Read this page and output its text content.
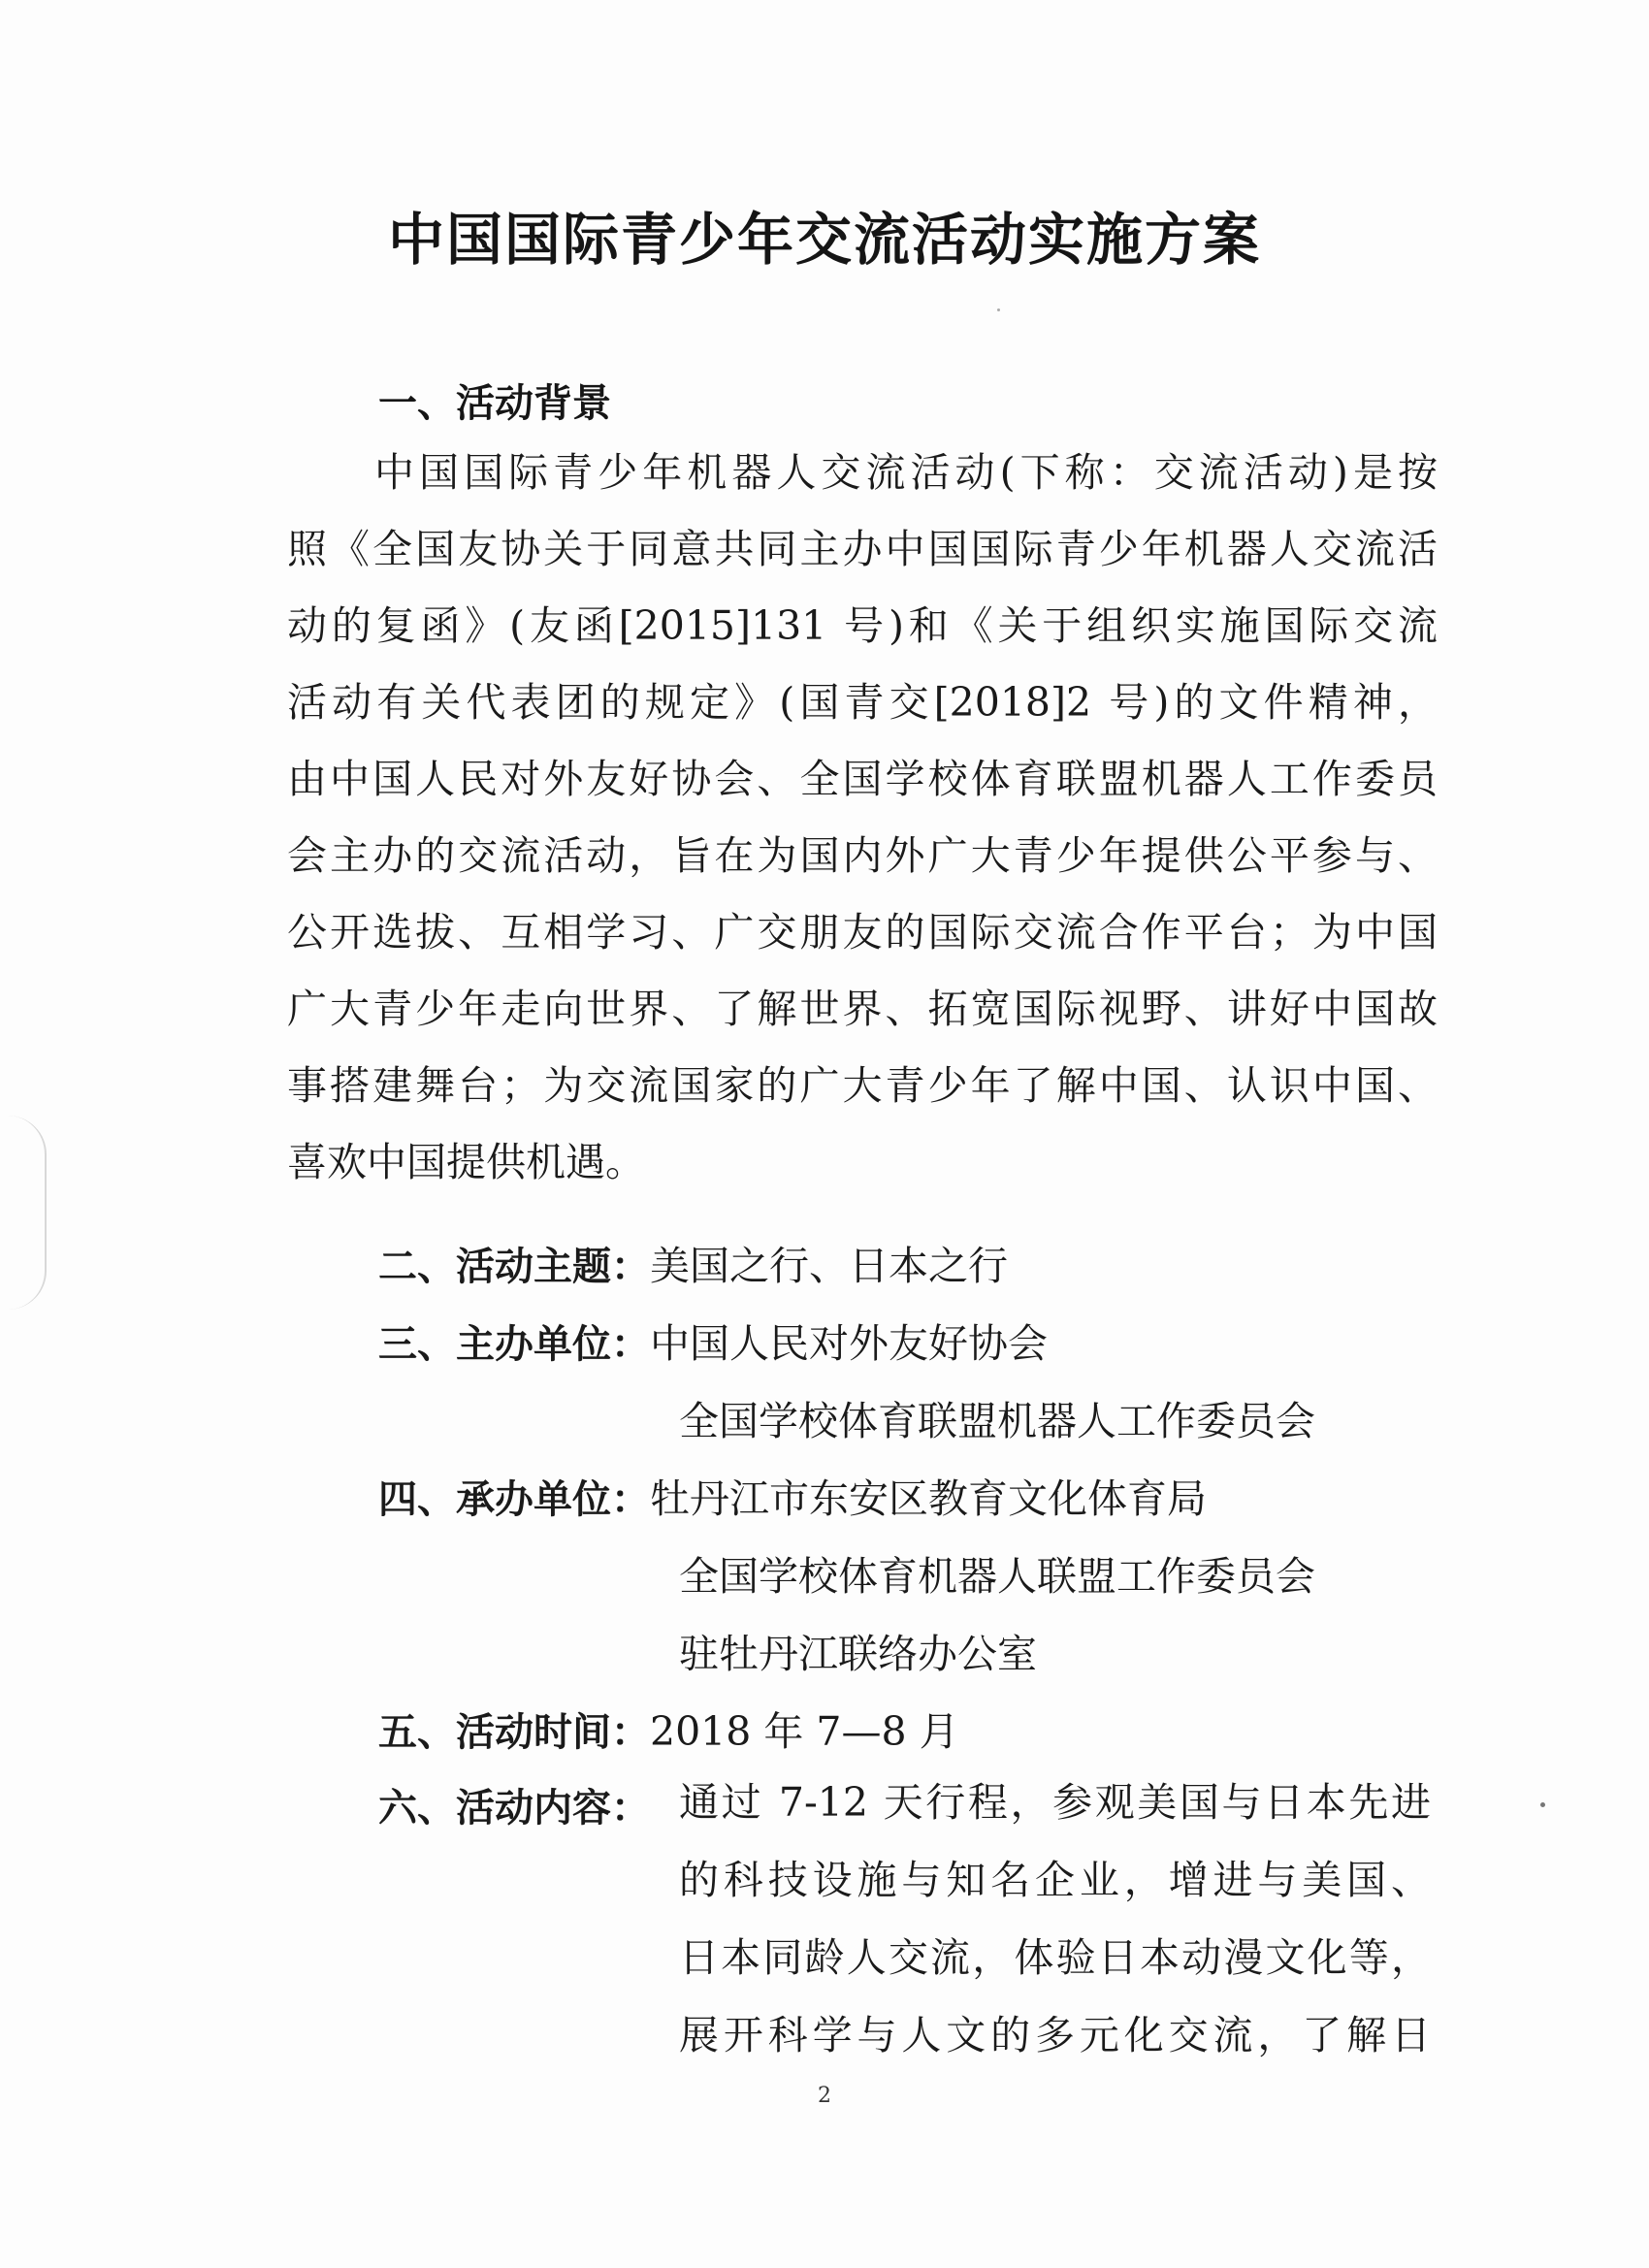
中国国际青少年交流活动实施方案
一、活动背景
中国国际青少年机器人交流活动(下称：交流活动)是按
照《全国友协关于同意共同主办中国国际青少年机器人交流活
动的复函》(友函[2015]131 号)和《关于组织实施国际交流
活动有关代表团的规定》(国青交[2018]2 号)的文件精神，
由中国人民对外友好协会、全国学校体育联盟机器人工作委员
会主办的交流活动，旨在为国内外广大青少年提供公平参与、
公开选拔、互相学习、广交朋友的国际交流合作平台；为中国
广大青少年走向世界、了解世界、拓宽国际视野、讲好中国故
事搭建舞台；为交流国家的广大青少年了解中国、认识中国、
喜欢中国提供机遇。
二、活动主题：美国之行、日本之行
三、主办单位：中国人民对外友好协会
全国学校体育联盟机器人工作委员会
四、承办单位：牡丹江市东安区教育文化体育局
全国学校体育机器人联盟工作委员会
驻牡丹江联络办公室
五、活动时间：2018 年 7—8 月
六、活动内容： 通过 7-12 天行程，参观美国与日本先进
的科技设施与知名企业，增进与美国、
日本同龄人交流，体验日本动漫文化等，
展开科学与人文的多元化交流，了解日
2
